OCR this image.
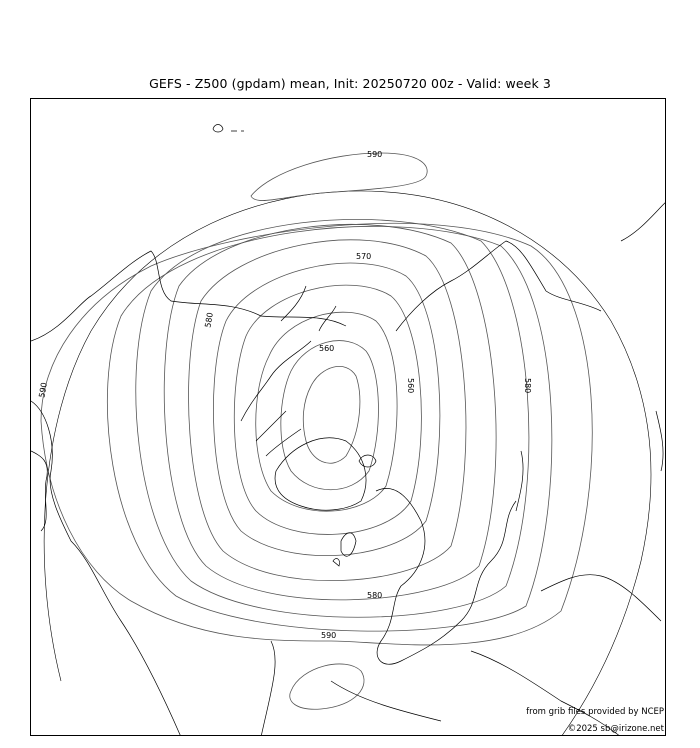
GEFS - Z500 (gpdam) mean, Init: 20250720 00z - Valid: week 3
590
570
580
590
560
560	580
580
590
from grib files provided by NCEP
©2025 sb@irizone.net
